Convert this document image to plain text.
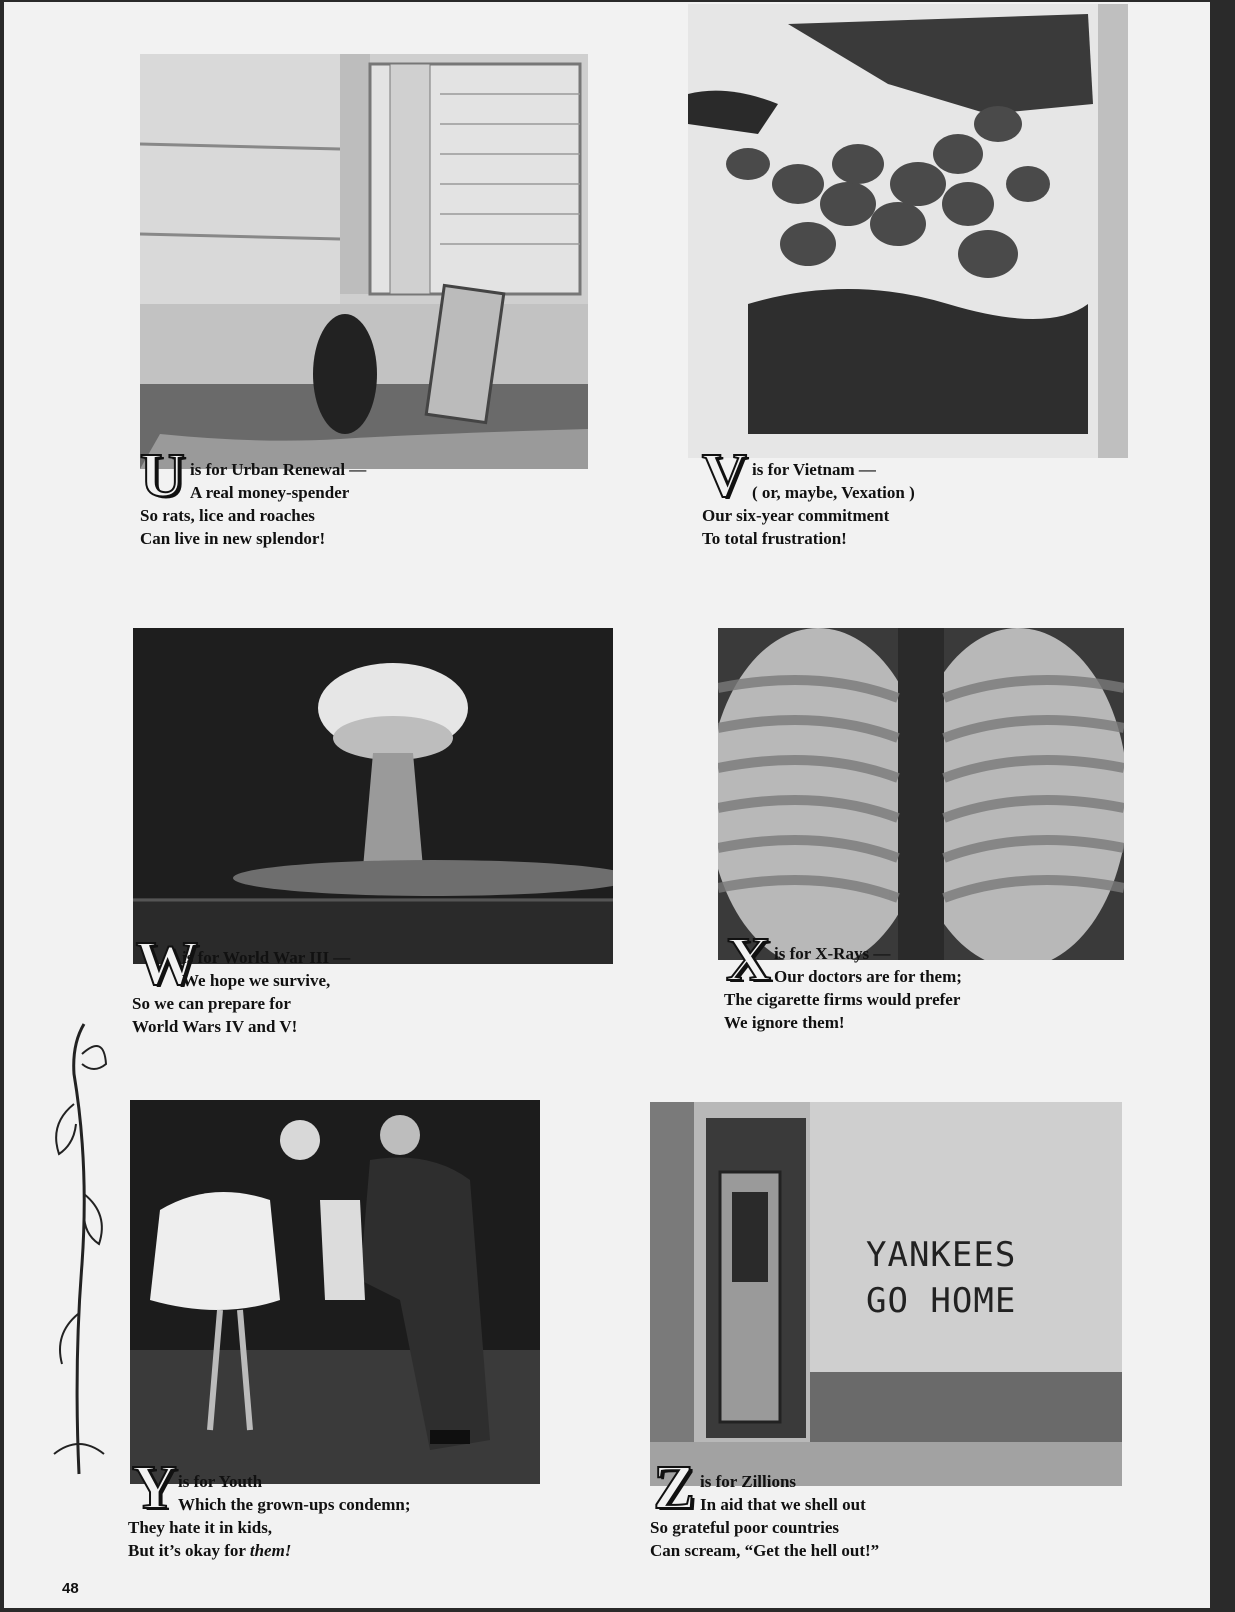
U is for Urban Renewal —
A real money-spender
So rats, lice and roaches
Can live in new splendor!
V is for Vietnam —
( or, maybe, Vexation )
Our six-year commitment
To total frustration!
W
is for World War III —
We hope we survive,
So we can prepare for
World Wars IV and V!
X is for X-Rays —
Our doctors are for them;
The cigarette firms would prefer
We ignore them!
Y is for Youth
Which the grown-ups condemn;
They hate it in kids,
But it’s okay for them!
YANKEES
GO HOME
Z is for Zillions
In aid that we shell out
So grateful poor countries
Can scream, “Get the hell out!”
48
